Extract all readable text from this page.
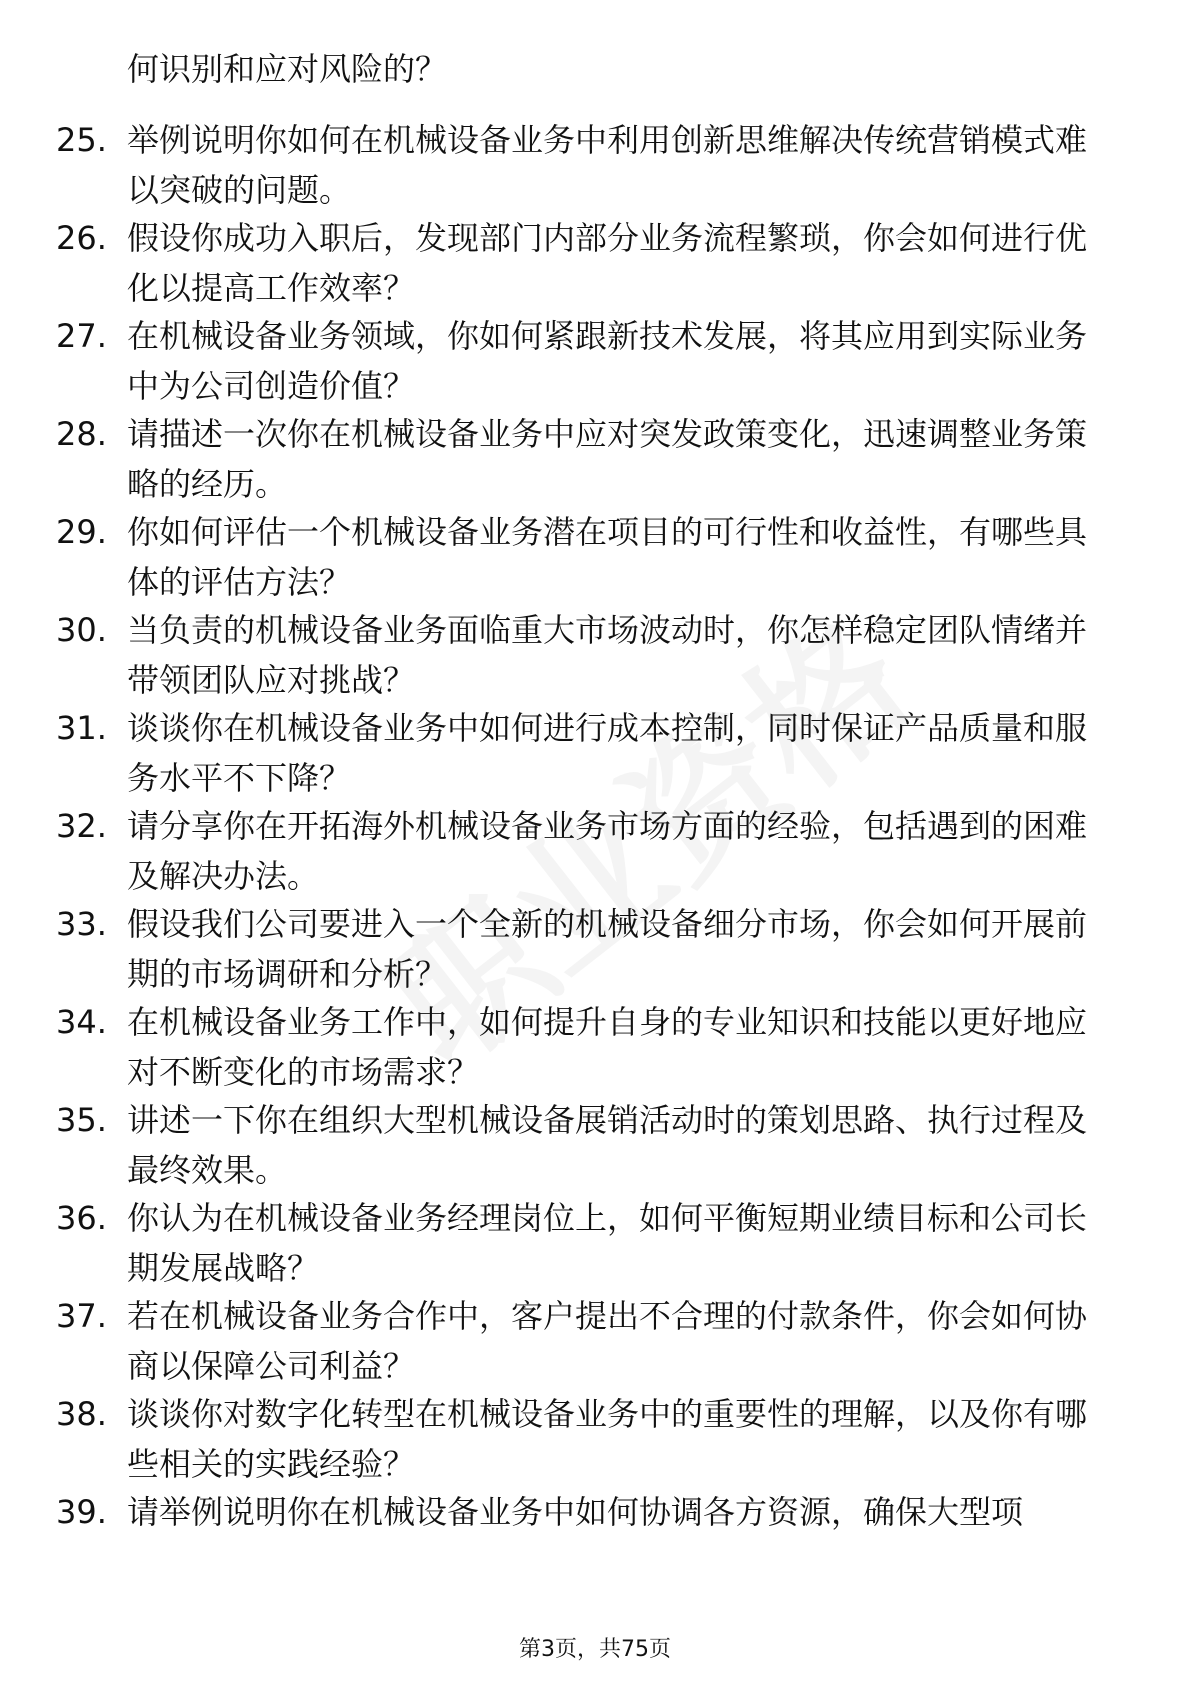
何识别和应对风险的？
25. 举例说明你如何在机械设备业务中利用创新思维解决传统营销模式难以突破的问题。
26. 假设你成功入职后，发现部门内部分业务流程繁琐，你会如何进行优化以提高工作效率？
27. 在机械设备业务领域，你如何紧跟新技术发展，将其应用到实际业务中为公司创造价值？
28. 请描述一次你在机械设备业务中应对突发政策变化，迅速调整业务策略的经历。
29. 你如何评估一个机械设备业务潜在项目的可行性和收益性，有哪些具体的评估方法？
30. 当负责的机械设备业务面临重大市场波动时，你怎样稳定团队情绪并带领团队应对挑战？
31. 谈谈你在机械设备业务中如何进行成本控制，同时保证产品质量和服务水平不下降？
32. 请分享你在开拓海外机械设备业务市场方面的经验，包括遇到的困难及解决办法。
33. 假设我们公司要进入一个全新的机械设备细分市场，你会如何开展前期的市场调研和分析？
34. 在机械设备业务工作中，如何提升自身的专业知识和技能以更好地应对不断变化的市场需求？
35. 讲述一下你在组织大型机械设备展销活动时的策划思路、执行过程及最终效果。
36. 你认为在机械设备业务经理岗位上，如何平衡短期业绩目标和公司长期发展战略？
37. 若在机械设备业务合作中，客户提出不合理的付款条件，你会如何协商以保障公司利益？
38. 谈谈你对数字化转型在机械设备业务中的重要性的理解，以及你有哪些相关的实践经验？
39. 请举例说明你在机械设备业务中如何协调各方资源，确保大型项
第3页，共75页
